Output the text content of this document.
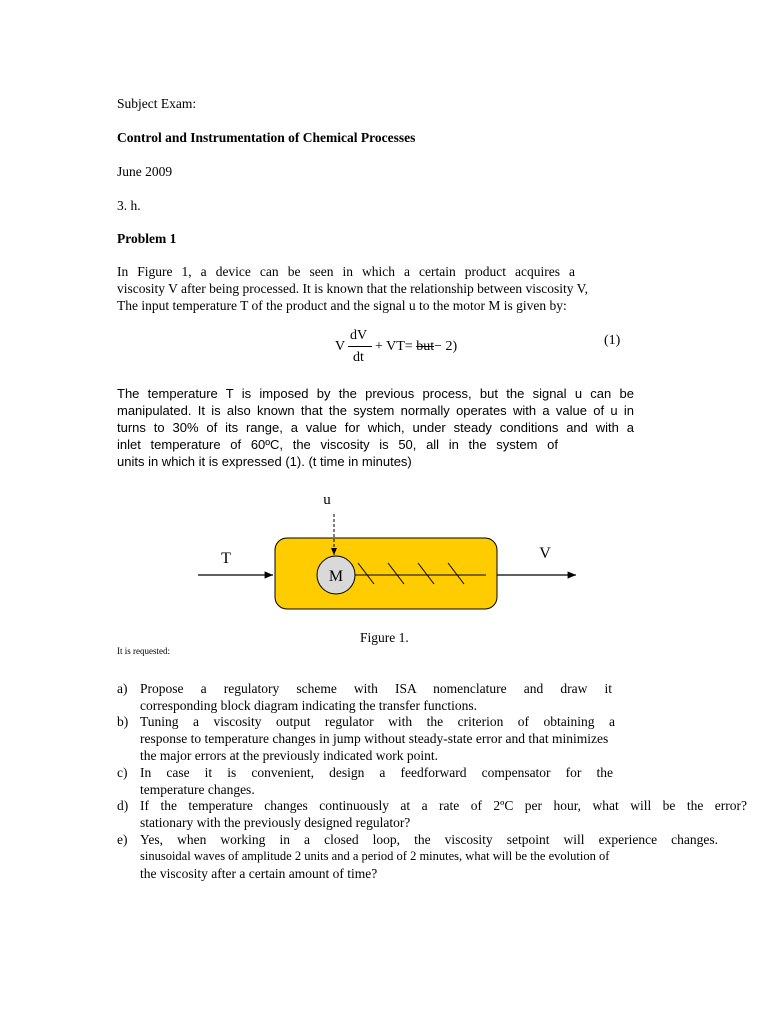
Subject Exam:
Control and Instrumentation of Chemical Processes
June 2009
3. h.
Problem 1
In Figure 1, a device can be seen in which a certain product acquires a
viscosity V after being processed. It is known that the relationship between viscosity V,
The input temperature T of the product and the signal u to the motor M is given by:
V
dV
dt
+ VT= but− 2)	(1)
The temperature T is imposed by the previous process, but the signal u can be
manipulated. It is also known that the system normally operates with a value of u in
turns to 30% of its range, a value for which, under steady conditions and with a
inlet temperature of 60ºC, the viscosity is 50, all in the system of
units in which it is expressed (1). (t time in minutes)
M
u
T	V
Figure 1.
It is requested:
a) Propose a regulatory scheme with ISA nomenclature and draw it
corresponding block diagram indicating the transfer functions.
b) Tuning a viscosity output regulator with the criterion of obtaining a
response to temperature changes in jump without steady-state error and that minimizes
the major errors at the previously indicated work point.
c) In case it is convenient, design a feedforward compensator for the
temperature changes.
d) If the temperature changes continuously at a rate of 2ºC per hour, what will be the error?
stationary with the previously designed regulator?
e) Yes, when working in a closed loop, the viscosity setpoint will experience changes.
sinusoidal waves of amplitude 2 units and a period of 2 minutes, what will be the evolution of
the viscosity after a certain amount of time?
